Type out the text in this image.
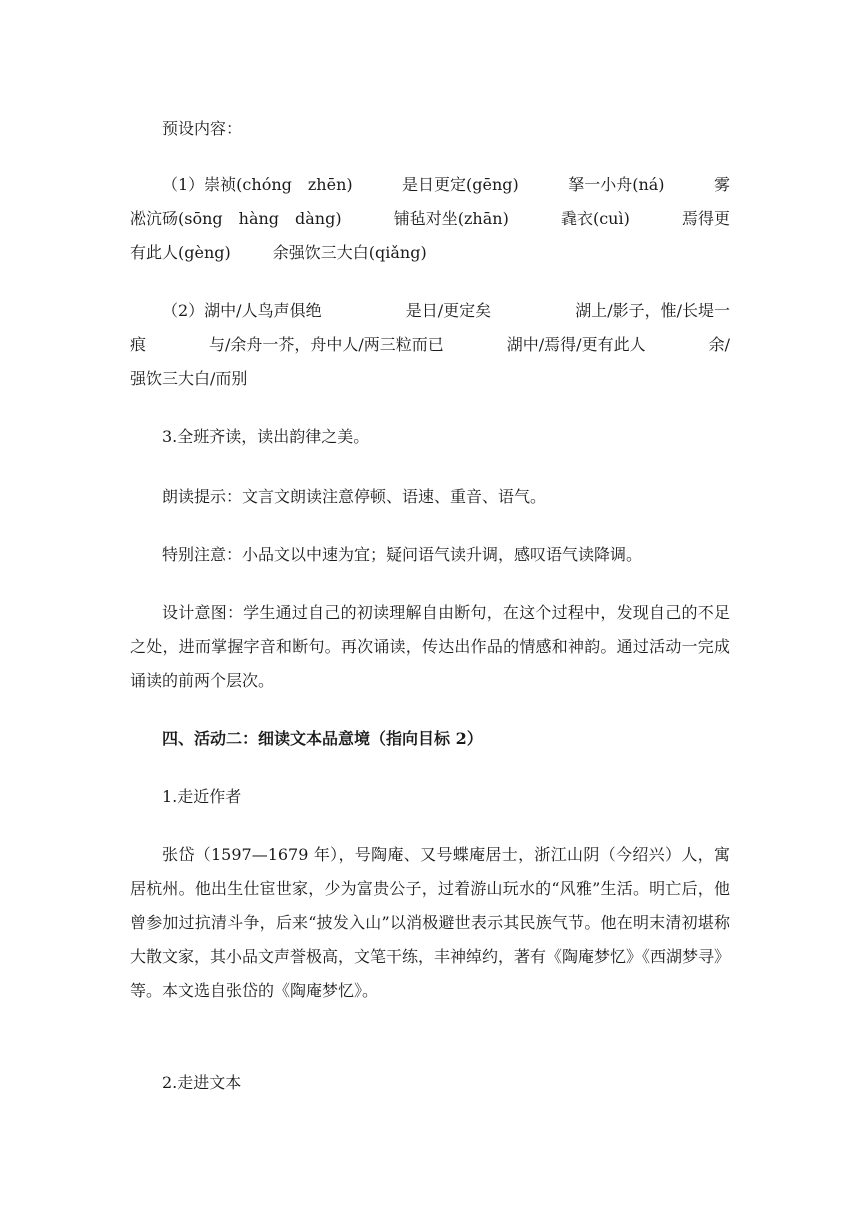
预设内容：

（1）崇祯(chóng　zhēn)	是日更定(gēng)	拏一小舟(ná)	雾
凇沆砀(sōng　hàng　dàng)	铺毡对坐(zhān)	毳衣(cuì)	焉得更
有此人(gèng)	余强饮三大白(qiǎng)
（2）湖中/人鸟声俱绝	是日/更定矣	湖上/影子，惟/长堤一
痕	与/余舟一芥，舟中人/两三粒而已	湖中/焉得/更有此人	余/
强饮三大白/而别

3.全班齐读，读出韵律之美。

朗读提示：文言文朗读注意停顿、语速、重音、语气。

特别注意：小品文以中速为宜；疑问语气读升调，感叹语气读降调。

设计意图：学生通过自己的初读理解自由断句，在这个过程中，发现自己的不足之处，进而掌握字音和断句。再次诵读，传达出作品的情感和神韵。通过活动一完成诵读的前两个层次。

四、活动二：细读文本品意境（指向目标 2）

1.走近作者

张岱（1597—1679 年），号陶庵、又号蝶庵居士，浙江山阴（今绍兴）人，寓居杭州。他出生仕宦世家，少为富贵公子，过着游山玩水的“风雅”生活。明亡后，他曾参加过抗清斗争，后来“披发入山”以消极避世表示其民族气节。他在明末清初堪称大散文家，其小品文声誉极高，文笔干练，丰神绰约，著有《陶庵梦忆》《西湖梦寻》等。本文选自张岱的《陶庵梦忆》。

2.走进文本
